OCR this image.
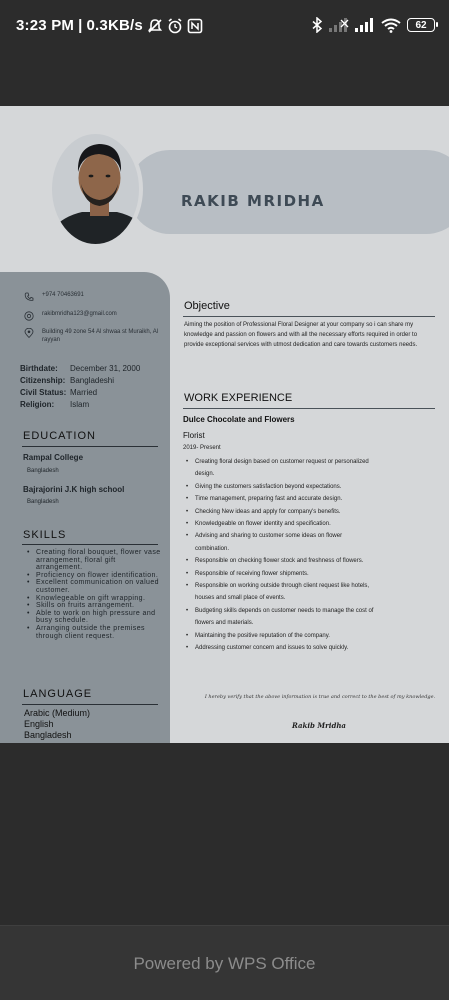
3:23 PM | 0.3KB/s	62
RAKIB MRIDHA
+974 70463691
rakibmridha123@gmail.com
Building 49 zone 54 Al shwaa st Muraikh, Al rayyan
Birthdate: December 31, 2000
Citizenship: Bangladeshi
Civil Status: Married
Religion: Islam
EDUCATION
Rampal College
Bangladesh
Bajrajorini J.K high school
Bangladesh
SKILLS
• Creating floral bouquet, flower vase arrangement, floral gift arrangement.
• Proficiency on flower identification.
• Excellent communication on valued customer.
• Knowlegeable on gift wrapping.
• Skills on fruits arrangement.
• Able to work on high pressure and busy schedule.
• Arranging outside the premises through client request.
LANGUAGE
Arabic (Medium)
English
Bangladesh
Objective
Aiming the position of Professional Floral Designer at your company so i can share my knowledge and passion on flowers and with all the necessary efforts required in order to provide exceptional services with utmost dedication and care towards customers needs.
WORK EXPERIENCE
Dulce Chocolate and Flowers
Florist
2019- Present
• Creating floral design based on customer request or personalized
design.
• Giving the customers satisfaction beyond expectations.
• Time management, preparing fast and accurate design.
• Checking New ideas and apply for company's benefits.
• Knowledgeable on flower identity and specification.
• Advising and sharing to customer some ideas on flower
combination.
• Responsible on checking flower stock and freshness of flowers.
• Responsible of receiving flower shipments.
• Responsible on working outside through client request like hotels,
houses and small place of events.
• Budgeting skills depends on customer needs to manage the cost of
flowers and materials.
• Maintaining the positive reputation of the company.
• Addressing customer concern and issues to solve quickly.
I hereby verify that the above information is true and correct to the best of my knowledge.
Rakib Mridha
Powered by WPS Office
